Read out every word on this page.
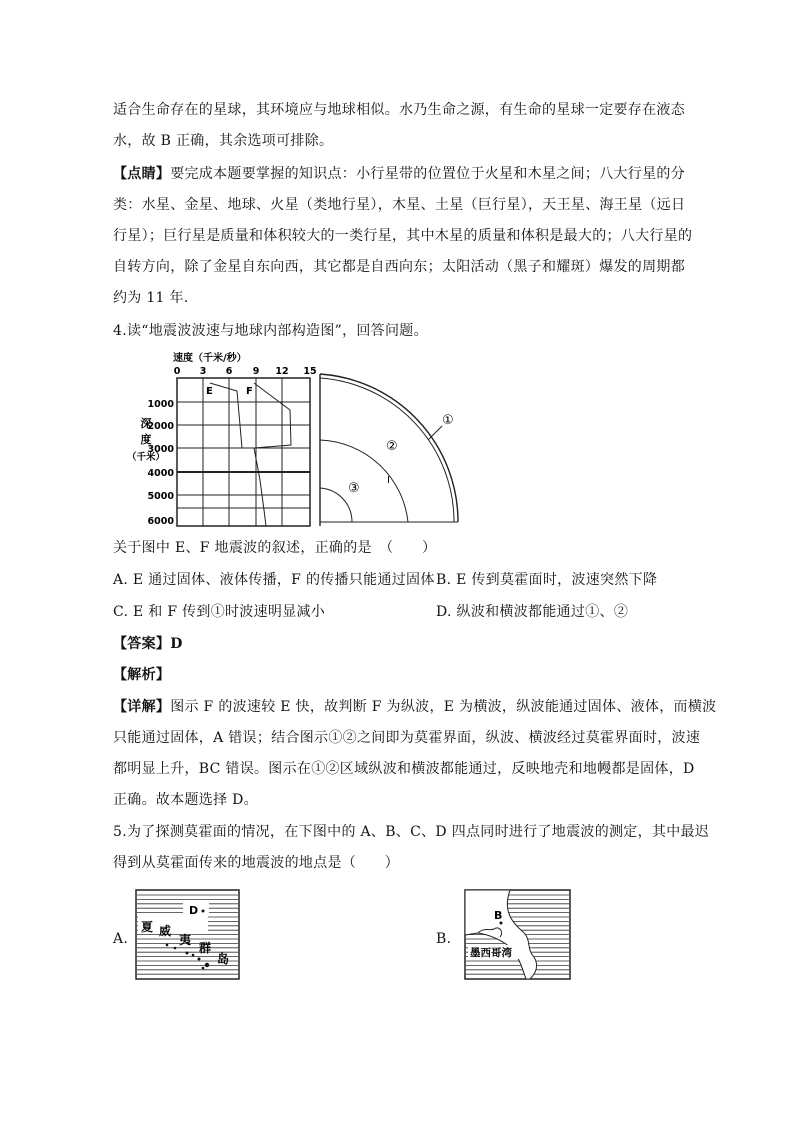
适合生命存在的星球，其环境应与地球相似。水乃生命之源，有生命的星球一定要存在液态
水，故 B 正确，其余选项可排除。
【点睛】要完成本题要掌握的知识点：小行星带的位置位于火星和木星之间；八大行星的分
类：水星、金星、地球、火星（类地行星），木星、土星（巨行星），天王星、海王星（远日
行星）；巨行星是质量和体积较大的一类行星，其中木星的质量和体积是最大的；八大行星的
自转方向，除了金星自东向西，其它都是自西向东；太阳活动（黑子和耀斑）爆发的周期都
约为 11 年.
4.读“地震波波速与地球内部构造图”，回答问题。
速度（千米/秒）
0 3 6 9 12 15
1000
2000
3000
4000
5000
6000
深
度
（千米）
E	F
①
②
③
I
关于图中 E、F 地震波的叙述，正确的是　（　　）
A. E 通过固体、液体传播，F 的传播只能通过固体 B. E 传到莫霍面时，波速突然下降
C. E 和 F 传到①时波速明显减小	D. 纵波和横波都能通过①、②
【答案】D
【解析】
【详解】图示 F 的波速较 E 快，故判断 F 为纵波，E 为横波，纵波能通过固体、液体，而横波
只能通过固体，A 错误；结合图示①②之间即为莫霍界面，纵波、横波经过莫霍界面时，波速
都明显上升，BC 错误。图示在①②区域纵波和横波都能通过，反映地壳和地幔都是固体，D
正确。故本题选择 D。
5.为了探测莫霍面的情况，在下图中的 A、B、C、D 四点同时进行了地震波的测定，其中最迟
得到从莫霍面传来的地震波的地点是（　　）
A.
D
夏 威
夷
群
岛
B.
B
墨西哥湾
